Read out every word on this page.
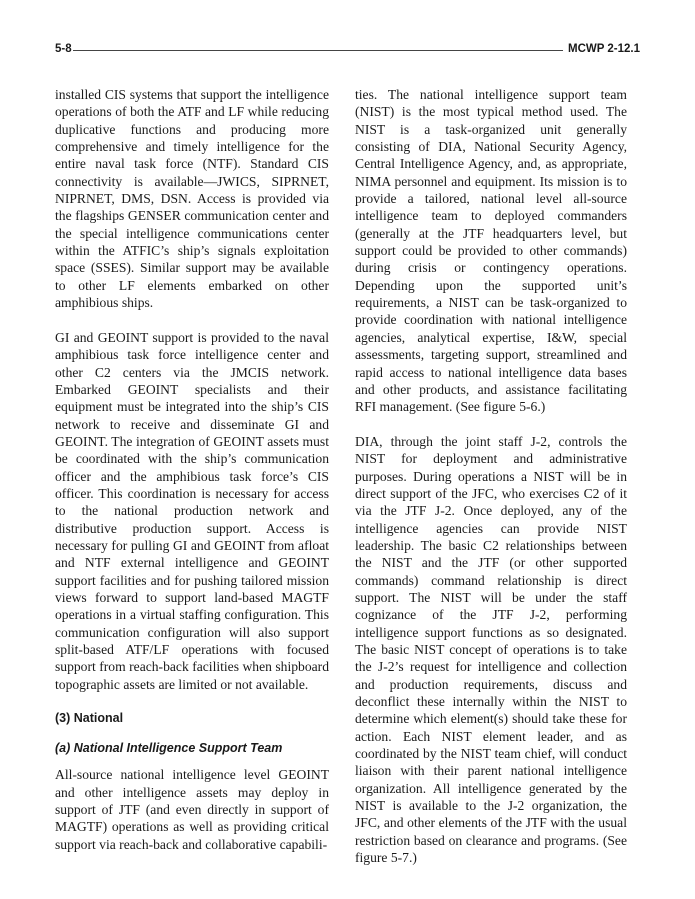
5-8	MCWP 2-12.1

installed CIS systems that support the intelligence operations of both the ATF and LF while reducing duplicative functions and producing more comprehensive and timely intelligence for the entire naval task force (NTF). Standard CIS connectivity is available—JWICS, SIPRNET, NIPRNET, DMS, DSN. Access is provided via the flagships GENSER communication center and the special intelligence communications center within the ATFIC’s ship’s signals exploitation space (SSES). Similar support may be available to other LF elements embarked on other amphibious ships.

GI and GEOINT support is provided to the naval amphibious task force intelligence center and other C2 centers via the JMCIS network. Embarked GEOINT specialists and their equipment must be integrated into the ship’s CIS network to receive and disseminate GI and GEOINT. The integration of GEOINT assets must be coordinated with the ship’s communication officer and the amphibious task force’s CIS officer. This coordination is necessary for access to the national production network and distributive production support. Access is necessary for pulling GI and GEOINT from afloat and NTF external intelligence and GEOINT support facilities and for pushing tailored mission views forward to support land-based MAGTF operations in a virtual staffing configuration. This communication configuration will also support split-based ATF/LF operations with focused support from reach-back facilities when shipboard topographic assets are limited or not available.

(3) National
(a) National Intelligence Support Team

All-source national intelligence level GEOINT and other intelligence assets may deploy in support of JTF (and even directly in support of MAGTF) operations as well as providing critical support via reach-back and collaborative capabili-

ties. The national intelligence support team (NIST) is the most typical method used. The NIST is a task-organized unit generally consisting of DIA, National Security Agency, Central Intelligence Agency, and, as appropriate, NIMA personnel and equipment. Its mission is to provide a tailored, national level all-source intelligence team to deployed commanders (generally at the JTF headquarters level, but support could be provided to other commands) during crisis or contingency operations. Depending upon the supported unit’s requirements, a NIST can be task-organized to provide coordination with national intelligence agencies, analytical expertise, I&W, special assessments, targeting support, streamlined and rapid access to national intelligence data bases and other products, and assistance facilitating RFI management. (See figure 5-6.)

DIA, through the joint staff J-2, controls the NIST for deployment and administrative purposes. During operations a NIST will be in direct support of the JFC, who exercises C2 of it via the JTF J-2. Once deployed, any of the intelligence agencies can provide NIST leadership. The basic C2 relationships between the NIST and the JTF (or other supported commands) command relationship is direct support. The NIST will be under the staff cognizance of the JTF J-2, performing intelligence support functions as so designated. The basic NIST concept of operations is to take the J-2’s request for intelligence and collection and production requirements, discuss and deconflict these internally within the NIST to determine which element(s) should take these for action. Each NIST element leader, and as coordinated by the NIST team chief, will conduct liaison with their parent national intelligence organization. All intelligence generated by the NIST is available to the J-2 organization, the JFC, and other elements of the JTF with the usual restriction based on clearance and programs. (See figure 5-7.)
